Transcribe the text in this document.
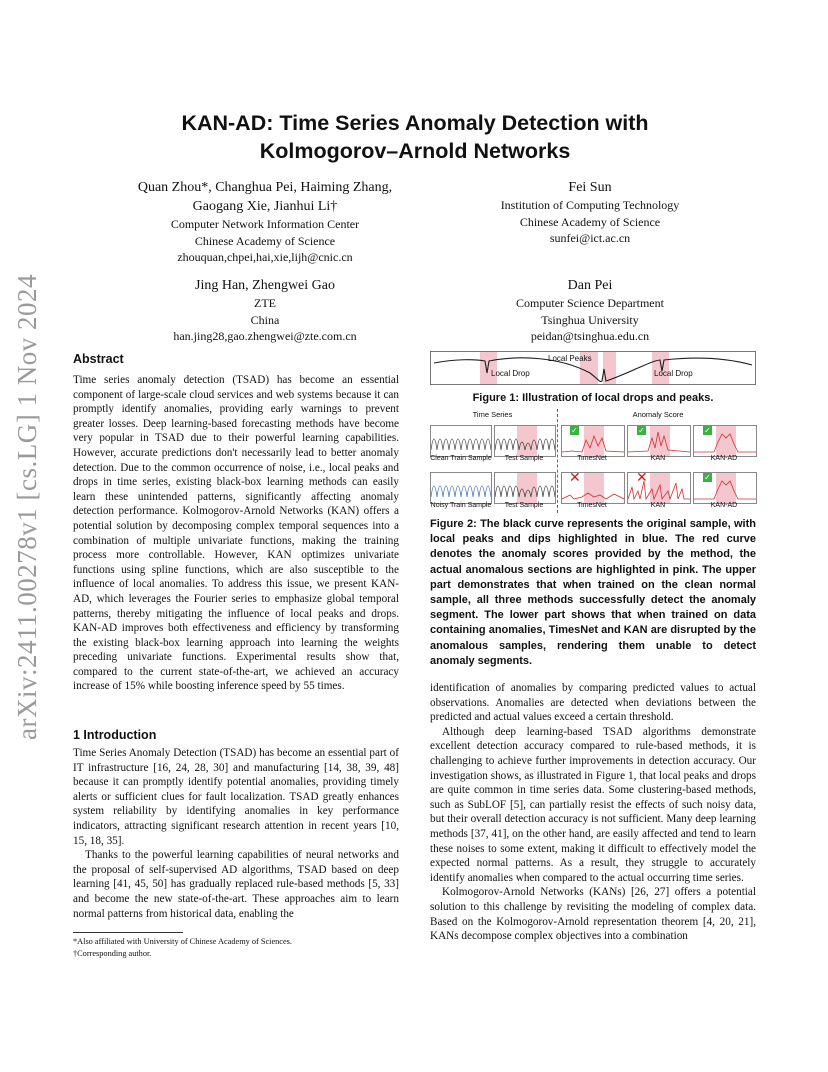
arXiv:2411.00278v1 [cs.LG] 1 Nov 2024
KAN-AD: Time Series Anomaly Detection with
Kolmogorov–Arnold Networks
Quan Zhou*, Changhua Pei, Haiming Zhang,
Gaogang Xie, Jianhui Li†
Computer Network Information Center
Chinese Academy of Science
zhouquan,chpei,hai,xie,lijh@cnic.cn
Fei Sun
Institution of Computing Technology
Chinese Academy of Science
sunfei@ict.ac.cn
Jing Han, Zhengwei Gao
ZTE
China
han.jing28,gao.zhengwei@zte.com.cn
Dan Pei
Computer Science Department
Tsinghua University
peidan@tsinghua.edu.cn
Abstract

Time series anomaly detection (TSAD) has become an essential component of large-scale cloud services and web systems because it can promptly identify anomalies, providing early warnings to prevent greater losses. Deep learning-based forecasting methods have become very popular in TSAD due to their powerful learning capabilities. However, accurate predictions don't necessarily lead to better anomaly detection. Due to the common occurrence of noise, i.e., local peaks and drops in time series, existing black-box learning methods can easily learn these unintended patterns, significantly affecting anomaly detection performance. Kolmogorov-Arnold Networks (KAN) offers a potential solution by decomposing complex temporal sequences into a combination of multiple univariate functions, making the training process more controllable. However, KAN optimizes univariate functions using spline functions, which are also susceptible to the influence of local anomalies. To address this issue, we present KAN-AD, which leverages the Fourier series to emphasize global temporal patterns, thereby mitigating the influence of local peaks and drops. KAN-AD improves both effectiveness and efficiency by transforming the existing black-box learning approach into learning the weights preceding univariate functions. Experimental results show that, compared to the current state-of-the-art, we achieved an accuracy increase of 15% while boosting inference speed by 55 times.

1 Introduction

Time Series Anomaly Detection (TSAD) has become an essential part of IT infrastructure [16, 24, 28, 30] and manufacturing [14, 38, 39, 48] because it can promptly identify potential anomalies, providing timely alerts or sufficient clues for fault localization. TSAD greatly enhances system reliability by identifying anomalies in key performance indicators, attracting significant research attention in recent years [10, 15, 18, 35].

Thanks to the powerful learning capabilities of neural networks and the proposal of self-supervised AD algorithms, TSAD based on deep learning [41, 45, 50] has gradually replaced rule-based methods [5, 33] and become the new state-of-the-art. These approaches aim to learn normal patterns from historical data, enabling the

*Also affiliated with University of Chinese Academy of Sciences.
†Corresponding author.
Local Peaks
Local Drop	Local Drop
Figure 1: Illustration of local drops and peaks.
Time Series	Anomaly Score
✓	✓	✓
Clean Train Sample	Test Sample	TimesNet	KAN	KAN-AD
✕	✕	✓
Noisy Train Sample	Test Sample	TimesNet	KAN	KAN-AD
Figure 2: The black curve represents the original sample, with local peaks and dips highlighted in blue. The red curve denotes the anomaly scores provided by the method, the actual anomalous sections are highlighted in pink. The upper part demonstrates that when trained on the clean normal sample, all three methods successfully detect the anomaly segment. The lower part shows that when trained on data containing anomalies, TimesNet and KAN are disrupted by the anomalous samples, rendering them unable to detect anomaly segments.

identification of anomalies by comparing predicted values to actual observations. Anomalies are detected when deviations between the predicted and actual values exceed a certain threshold.

Although deep learning-based TSAD algorithms demonstrate excellent detection accuracy compared to rule-based methods, it is challenging to achieve further improvements in detection accuracy. Our investigation shows, as illustrated in Figure 1, that local peaks and drops are quite common in time series data. Some clustering-based methods, such as SubLOF [5], can partially resist the effects of such noisy data, but their overall detection accuracy is not sufficient. Many deep learning methods [37, 41], on the other hand, are easily affected and tend to learn these noises to some extent, making it difficult to effectively model the expected normal patterns. As a result, they struggle to accurately identify anomalies when compared to the actual occurring time series.

Kolmogorov-Arnold Networks (KANs) [26, 27] offers a potential solution to this challenge by revisiting the modeling of complex data. Based on the Kolmogorov-Arnold representation theorem [4, 20, 21], KANs decompose complex objectives into a combination
